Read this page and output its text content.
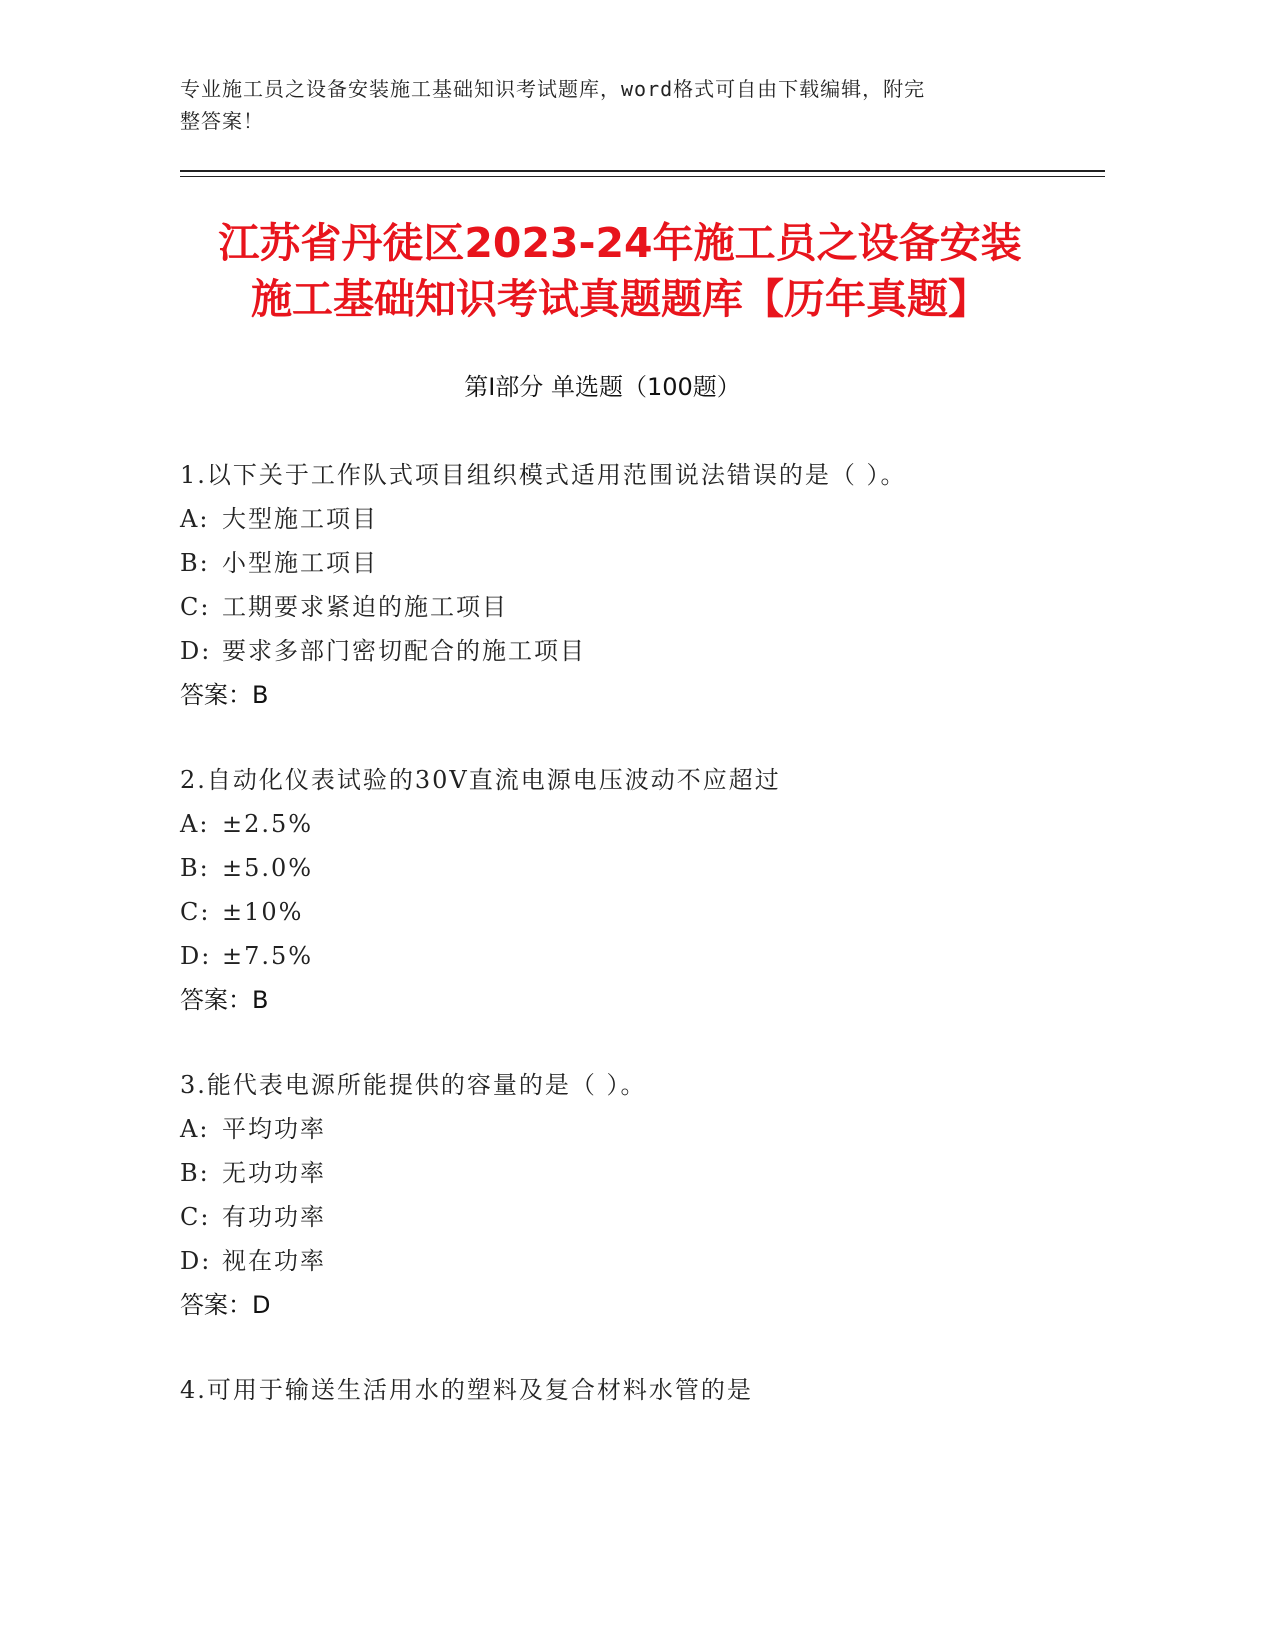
专业施工员之设备安装施工基础知识考试题库，word格式可自由下载编辑，附完
整答案！
江苏省丹徒区2023-24年施工员之设备安装
施工基础知识考试真题题库【历年真题】
第Ⅰ部分 单选题（100题）
1.以下关于工作队式项目组织模式适用范围说法错误的是（ ）。
A: 大型施工项目
B: 小型施工项目
C: 工期要求紧迫的施工项目
D: 要求多部门密切配合的施工项目
答案：B
2.自动化仪表试验的30V直流电源电压波动不应超过
A: ±2.5%
B: ±5.0%
C: ±10%
D: ±7.5%
答案：B
3.能代表电源所能提供的容量的是（ ）。
A: 平均功率
B: 无功功率
C: 有功功率
D: 视在功率
答案：D
4.可用于输送生活用水的塑料及复合材料水管的是
